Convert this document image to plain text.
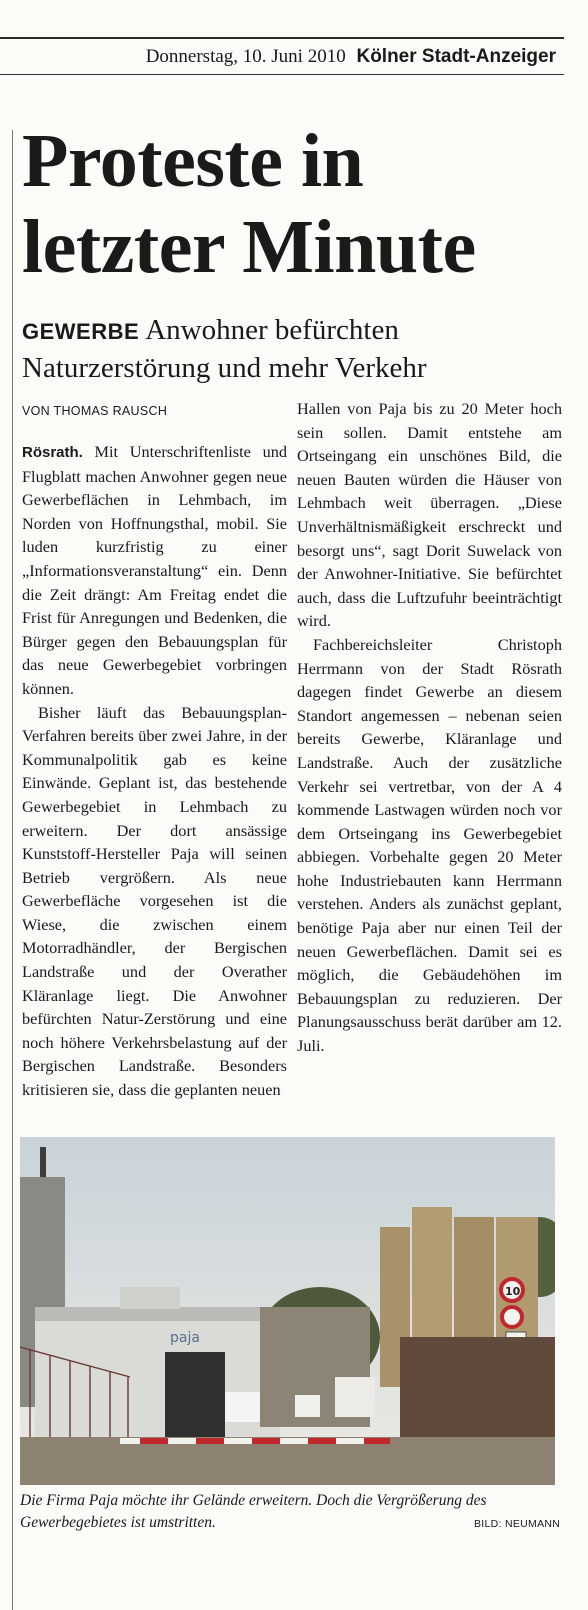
Donnerstag, 10. Juni 2010 Kölner Stadt-Anzeiger
Proteste in
letzter Minute
GEWERBE Anwohner befürchten Naturzerstörung und mehr Verkehr
VON THOMAS RAUSCH

Rösrath. Mit Unterschriftenliste und Flugblatt machen Anwohner gegen neue Gewerbeflächen in Lehmbach, im Norden von Hoffnungsthal, mobil. Sie luden kurzfristig zu einer „Informationsveranstaltung“ ein. Denn die Zeit drängt: Am Freitag endet die Frist für Anregungen und Bedenken, die Bürger gegen den Bebauungsplan für das neue Gewerbegebiet vorbringen können.

Bisher läuft das Bebauungsplan-Verfahren bereits über zwei Jahre, in der Kommunalpolitik gab es keine Einwände. Geplant ist, das bestehende Gewerbegebiet in Lehmbach zu erweitern. Der dort ansässige Kunststoff-Hersteller Paja will seinen Betrieb vergrößern. Als neue Gewerbefläche vorgesehen ist die Wiese, die zwischen einem Motorradhändler, der Bergischen Landstraße und der Overather Kläranlage liegt. Die Anwohner befürchten Natur-Zerstörung und eine noch höhere Verkehrsbelastung auf der Bergischen Landstraße. Besonders kritisieren sie, dass die geplanten neuen

Hallen von Paja bis zu 20 Meter hoch sein sollen. Damit entstehe am Ortseingang ein unschönes Bild, die neuen Bauten würden die Häuser von Lehmbach weit überragen. „Diese Unverhältnismäßigkeit erschreckt und besorgt uns“, sagt Dorit Suwelack von der Anwohner-Initiative. Sie befürchtet auch, dass die Luftzufuhr beeinträchtigt wird.

Fachbereichsleiter Christoph Herrmann von der Stadt Rösrath dagegen findet Gewerbe an diesem Standort angemessen – nebenan seien bereits Gewerbe, Kläranlage und Landstraße. Auch der zusätzliche Verkehr sei vertretbar, von der A 4 kommende Lastwagen würden noch vor dem Ortseingang ins Gewerbegebiet abbiegen. Vorbehalte gegen 20 Meter hohe Industriebauten kann Herrmann verstehen. Anders als zunächst geplant, benötige Paja aber nur einen Teil der neuen Gewerbeflächen. Damit sei es möglich, die Gebäudehöhen im Bebauungsplan zu reduzieren. Der Planungsausschuss berät darüber am 12. Juli.

paja
10

Die Firma Paja möchte ihr Gelände erweitern. Doch die Vergrößerung des Gewerbegebietes ist umstritten.	BILD: NEUMANN
